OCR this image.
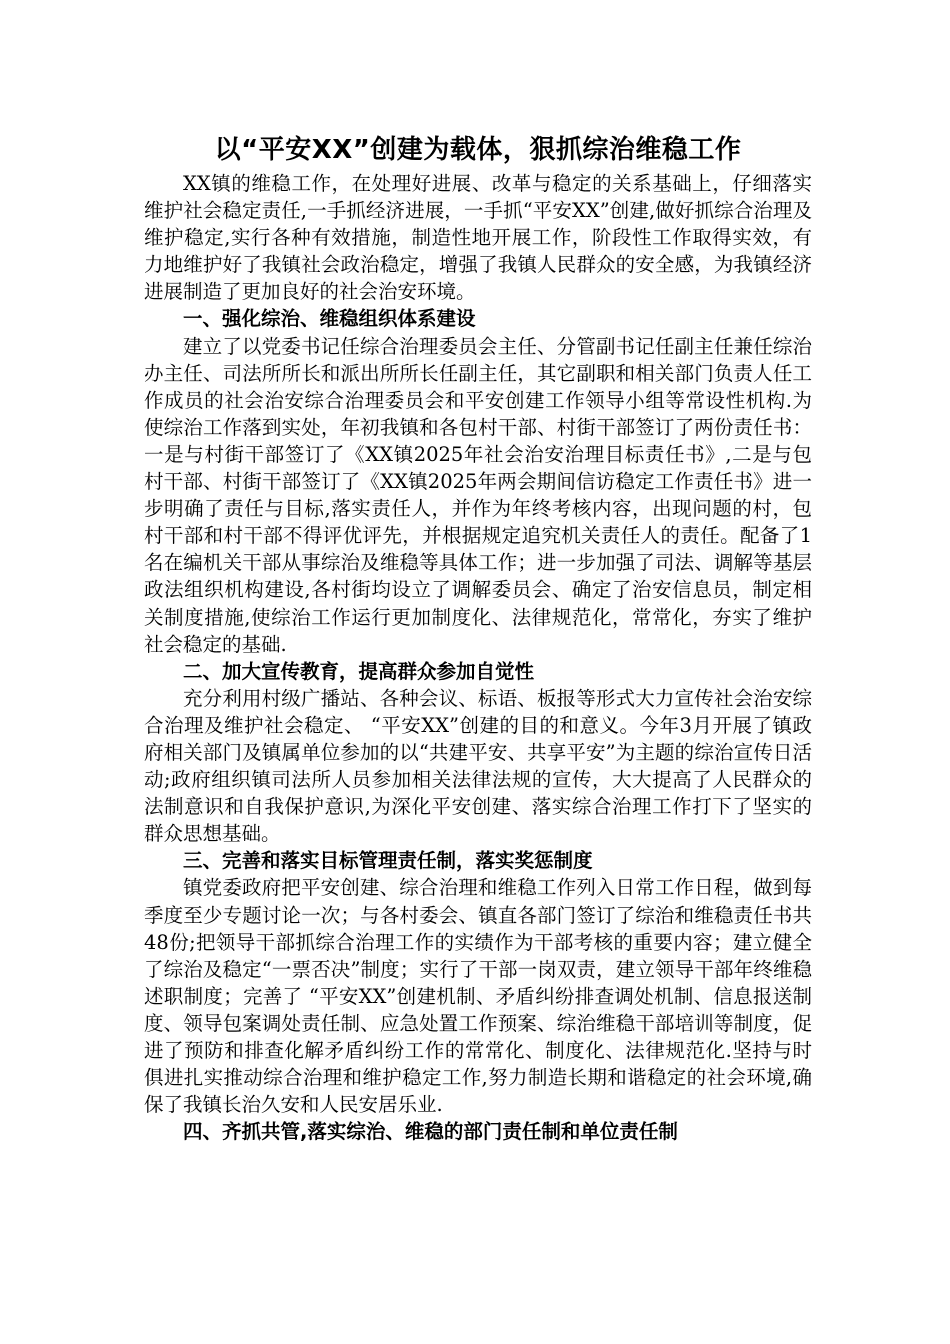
以“平安XX”创建为载体，狠抓综治维稳工作

XX镇的维稳工作，在处理好进展、改革与稳定的关系基础上，仔细落实维护社会稳定责任,一手抓经济进展，一手抓“平安XX”创建,做好抓综合治理及维护稳定,实行各种有效措施，制造性地开展工作，阶段性工作取得实效，有力地维护好了我镇社会政治稳定，增强了我镇人民群众的安全感，为我镇经济进展制造了更加良好的社会治安环境。

一、强化综治、维稳组织体系建设

建立了以党委书记任综合治理委员会主任、分管副书记任副主任兼任综治办主任、司法所所长和派出所所长任副主任，其它副职和相关部门负责人任工作成员的社会治安综合治理委员会和平安创建工作领导小组等常设性机构.为使综治工作落到实处，年初我镇和各包村干部、村街干部签订了两份责任书：一是与村街干部签订了《XX镇2025年社会治安治理目标责任书》,二是与包村干部、村街干部签订了《XX镇2025年两会期间信访稳定工作责任书》进一步明确了责任与目标,落实责任人，并作为年终考核内容，出现问题的村，包村干部和村干部不得评优评先，并根据规定追究机关责任人的责任。配备了1名在编机关干部从事综治及维稳等具体工作；进一步加强了司法、调解等基层政法组织机构建设,各村街均设立了调解委员会、确定了治安信息员，制定相关制度措施,使综治工作运行更加制度化、法律规范化，常常化，夯实了维护社会稳定的基础.

二、加大宣传教育，提高群众参加自觉性

充分利用村级广播站、各种会议、标语、板报等形式大力宣传社会治安综合治理及维护社会稳定、 “平安XX”创建的目的和意义。今年3月开展了镇政府相关部门及镇属单位参加的以“共建平安、共享平安”为主题的综治宣传日活动;政府组织镇司法所人员参加相关法律法规的宣传，大大提高了人民群众的法制意识和自我保护意识,为深化平安创建、落实综合治理工作打下了坚实的群众思想基础。

三、完善和落实目标管理责任制，落实奖惩制度

镇党委政府把平安创建、综合治理和维稳工作列入日常工作日程，做到每季度至少专题讨论一次；与各村委会、镇直各部门签订了综治和维稳责任书共48份;把领导干部抓综合治理工作的实绩作为干部考核的重要内容；建立健全了综治及稳定“一票否决”制度；实行了干部一岗双责，建立领导干部年终维稳述职制度；完善了 “平安XX”创建机制、矛盾纠纷排查调处机制、信息报送制度、领导包案调处责任制、应急处置工作预案、综治维稳干部培训等制度，促进了预防和排查化解矛盾纠纷工作的常常化、制度化、法律规范化.坚持与时俱进扎实推动综合治理和维护稳定工作,努力制造长期和谐稳定的社会环境,确保了我镇长治久安和人民安居乐业.

四、齐抓共管,落实综治、维稳的部门责任制和单位责任制
